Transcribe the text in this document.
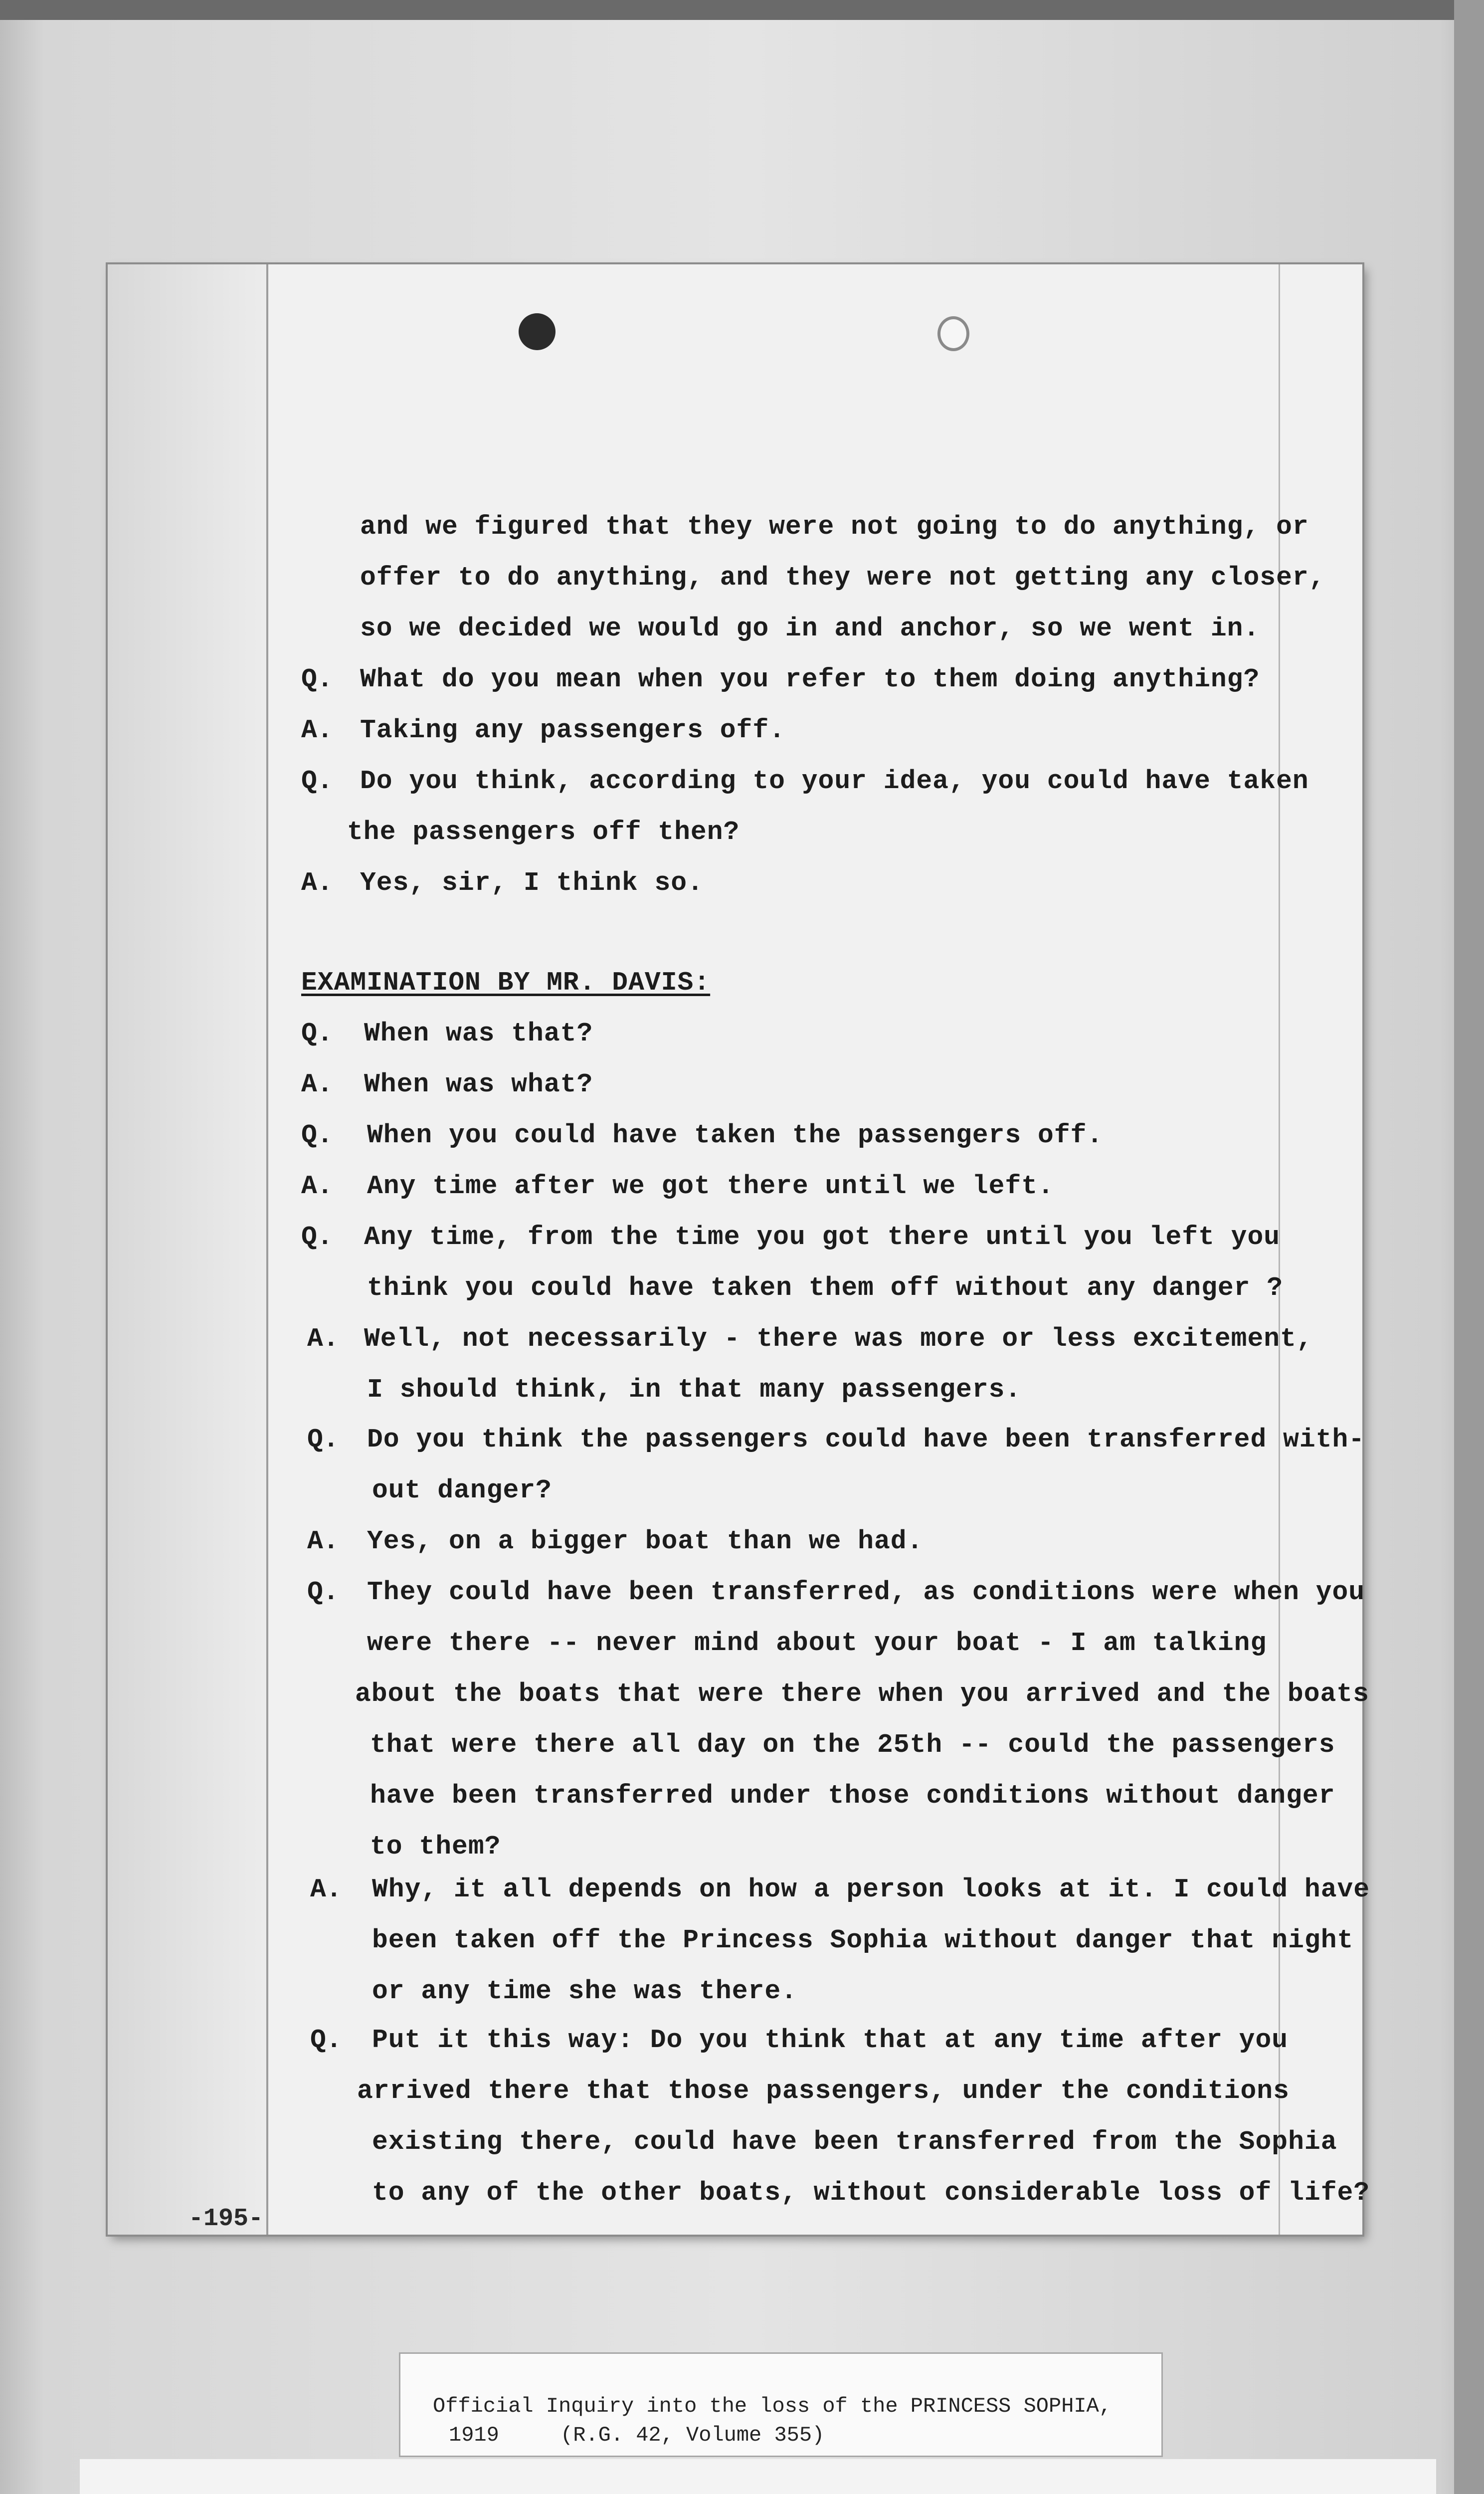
and we figured that they were not going to do anything, or
offer to do anything, and they were not getting any closer,
so we decided we would go in and anchor, so we went in.
Q. What do you mean when you refer to them doing anything?
A. Taking any passengers off.
Q. Do you think, according to your idea, you could have taken
the passengers off then?
A. Yes, sir, I think so.
EXAMINATION BY MR. DAVIS:
Q. When was that?
A. When was what?
Q. When you could have taken the passengers off.
A. Any time after we got there until we left.
Q. Any time, from the time you got there until you left you
think you could have taken them off without any danger ?
A. Well, not necessarily - there was more or less excitement,
I should think, in that many passengers.
Q. Do you think the passengers could have been transferred with-
out danger?
A. Yes, on a bigger boat than we had.
Q. They could have been transferred, as conditions were when you
were there -- never mind about your boat - I am talking
about the boats that were there when you arrived and the boats
that were there all day on the 25th -- could the passengers
have been transferred under those conditions without danger
to them?
A. Why, it all depends on how a person looks at it. I could have
been taken off the Princess Sophia without danger that night
or any time she was there.
Q. Put it this way: Do you think that at any time after you
arrived there that those passengers, under the conditions
existing there, could have been transferred from the Sophia
to any of the other boats, without considerable loss of life?
-195-
Official Inquiry into the loss of the PRINCESS SOPHIA,
1919	(R.G. 42, Volume 355)
